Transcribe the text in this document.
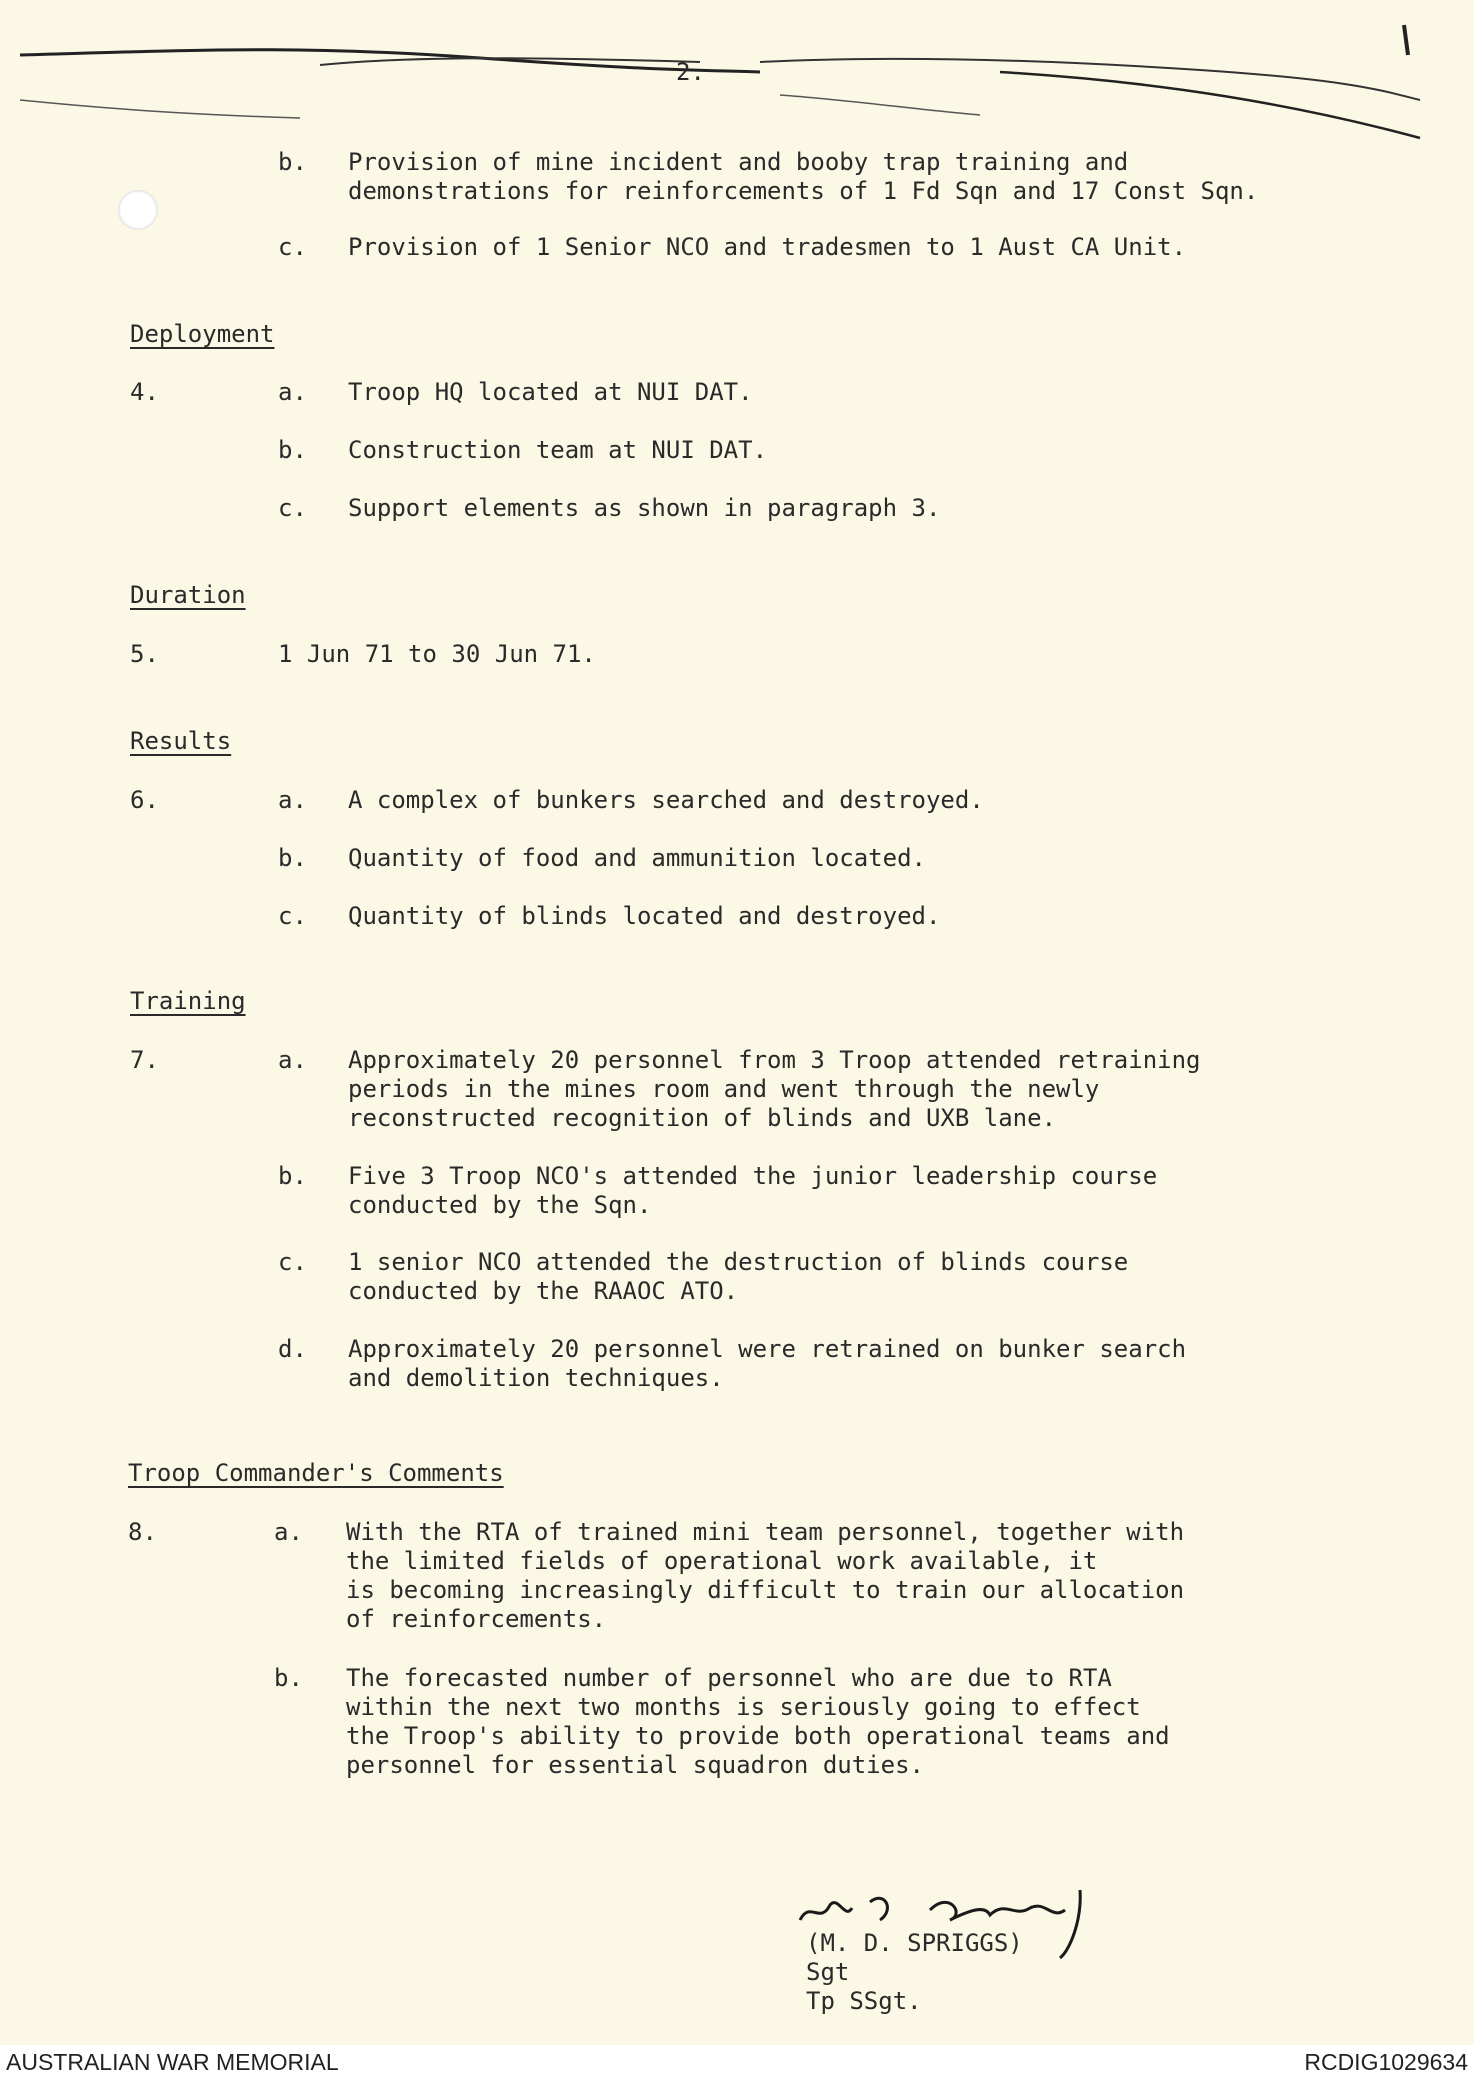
2.
b. Provision of mine incident and booby trap training and
demonstrations for reinforcements of 1 Fd Sqn and 17 Const Sqn.
c. Provision of 1 Senior NCO and tradesmen to 1 Aust CA Unit.
Deployment
4.	a. Troop HQ located at NUI DAT.
b. Construction team at NUI DAT.
c. Support elements as shown in paragraph 3.
Duration
5.	1 Jun 71 to 30 Jun 71.
Results
6.	a. A complex of bunkers searched and destroyed.
b. Quantity of food and ammunition located.
c. Quantity of blinds located and destroyed.
Training
7.	a. Approximately 20 personnel from 3 Troop attended retraining
periods in the mines room and went through the newly
reconstructed recognition of blinds and UXB lane.
b. Five 3 Troop NCO's attended the junior leadership course
conducted by the Sqn.
c. 1 senior NCO attended the destruction of blinds course
conducted by the RAAOC ATO.
d. Approximately 20 personnel were retrained on bunker search
and demolition techniques.
Troop Commander's Comments
8.	a. With the RTA of trained mini team personnel, together with
the limited fields of operational work available, it
is becoming increasingly difficult to train our allocation
of reinforcements.
b. The forecasted number of personnel who are due to RTA
within the next two months is seriously going to effect
the Troop's ability to provide both operational teams and
personnel for essential squadron duties.
(M. D. SPRIGGS)
Sgt
Tp SSgt.
AUSTRALIAN WAR MEMORIAL	RCDIG1029634
